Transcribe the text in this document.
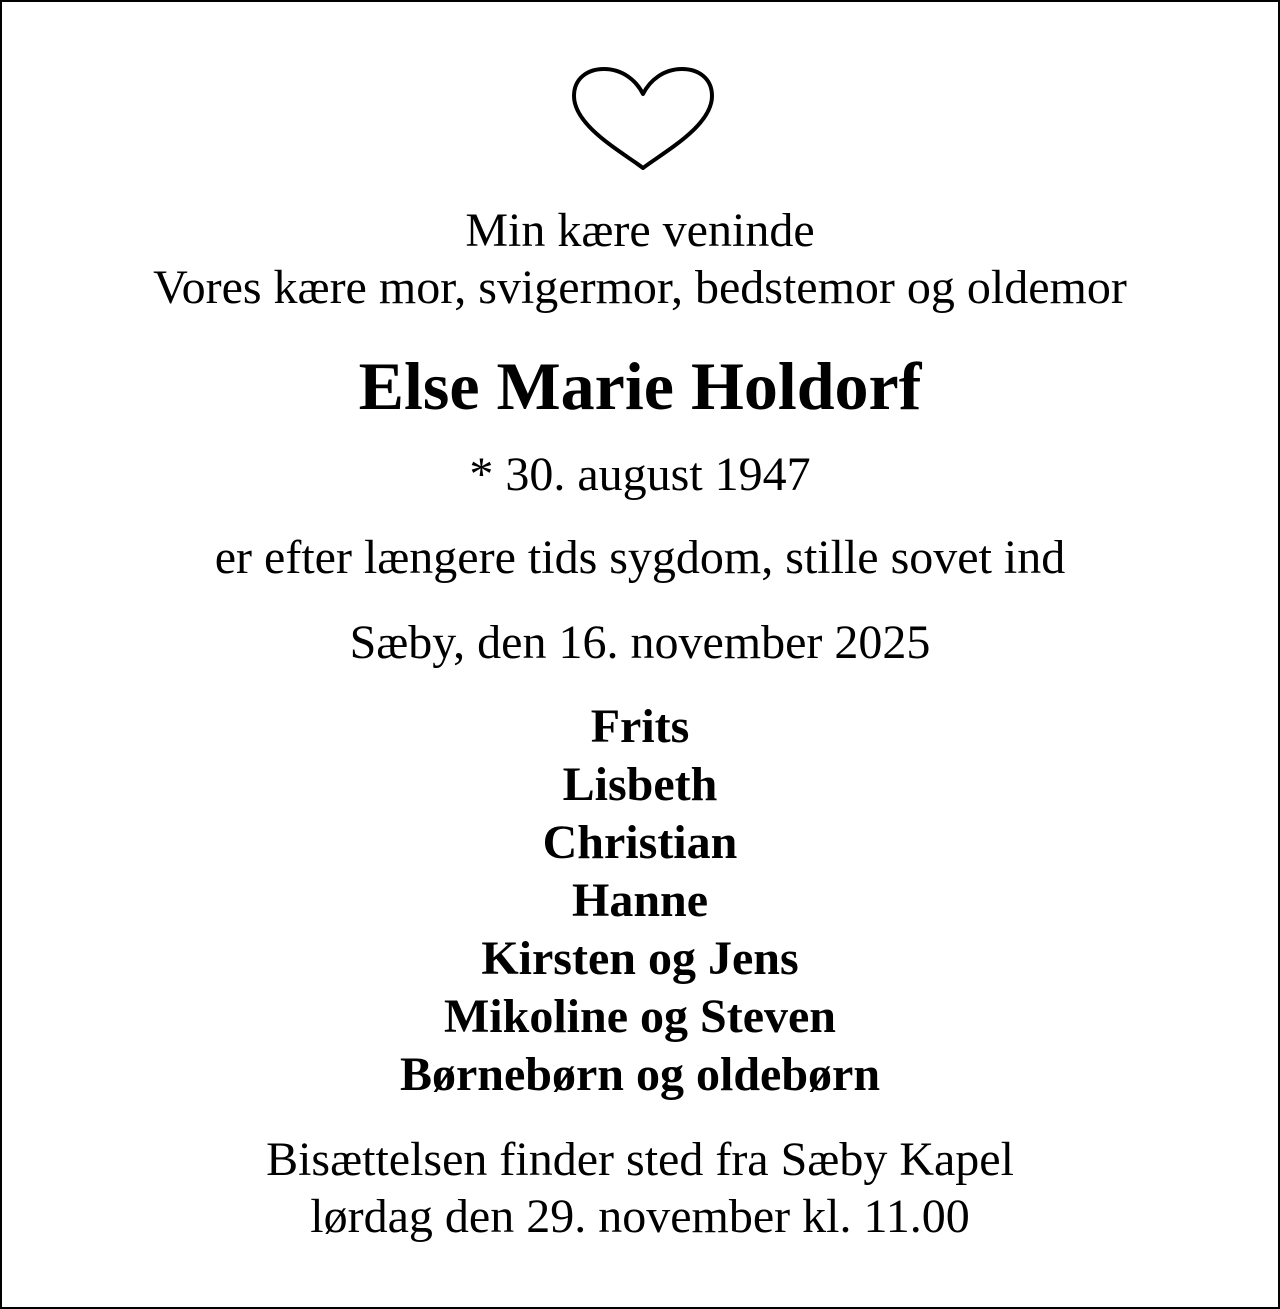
Min kære veninde
Vores kære mor, svigermor, bedstemor og oldemor
Else Marie Holdorf
* 30. august 1947
er efter længere tids sygdom, stille sovet ind
Sæby, den 16. november 2025
Frits
Lisbeth
Christian
Hanne
Kirsten og Jens
Mikoline og Steven
Børnebørn og oldebørn
Bisættelsen finder sted fra Sæby Kapel
lørdag den 29. november kl. 11.00
